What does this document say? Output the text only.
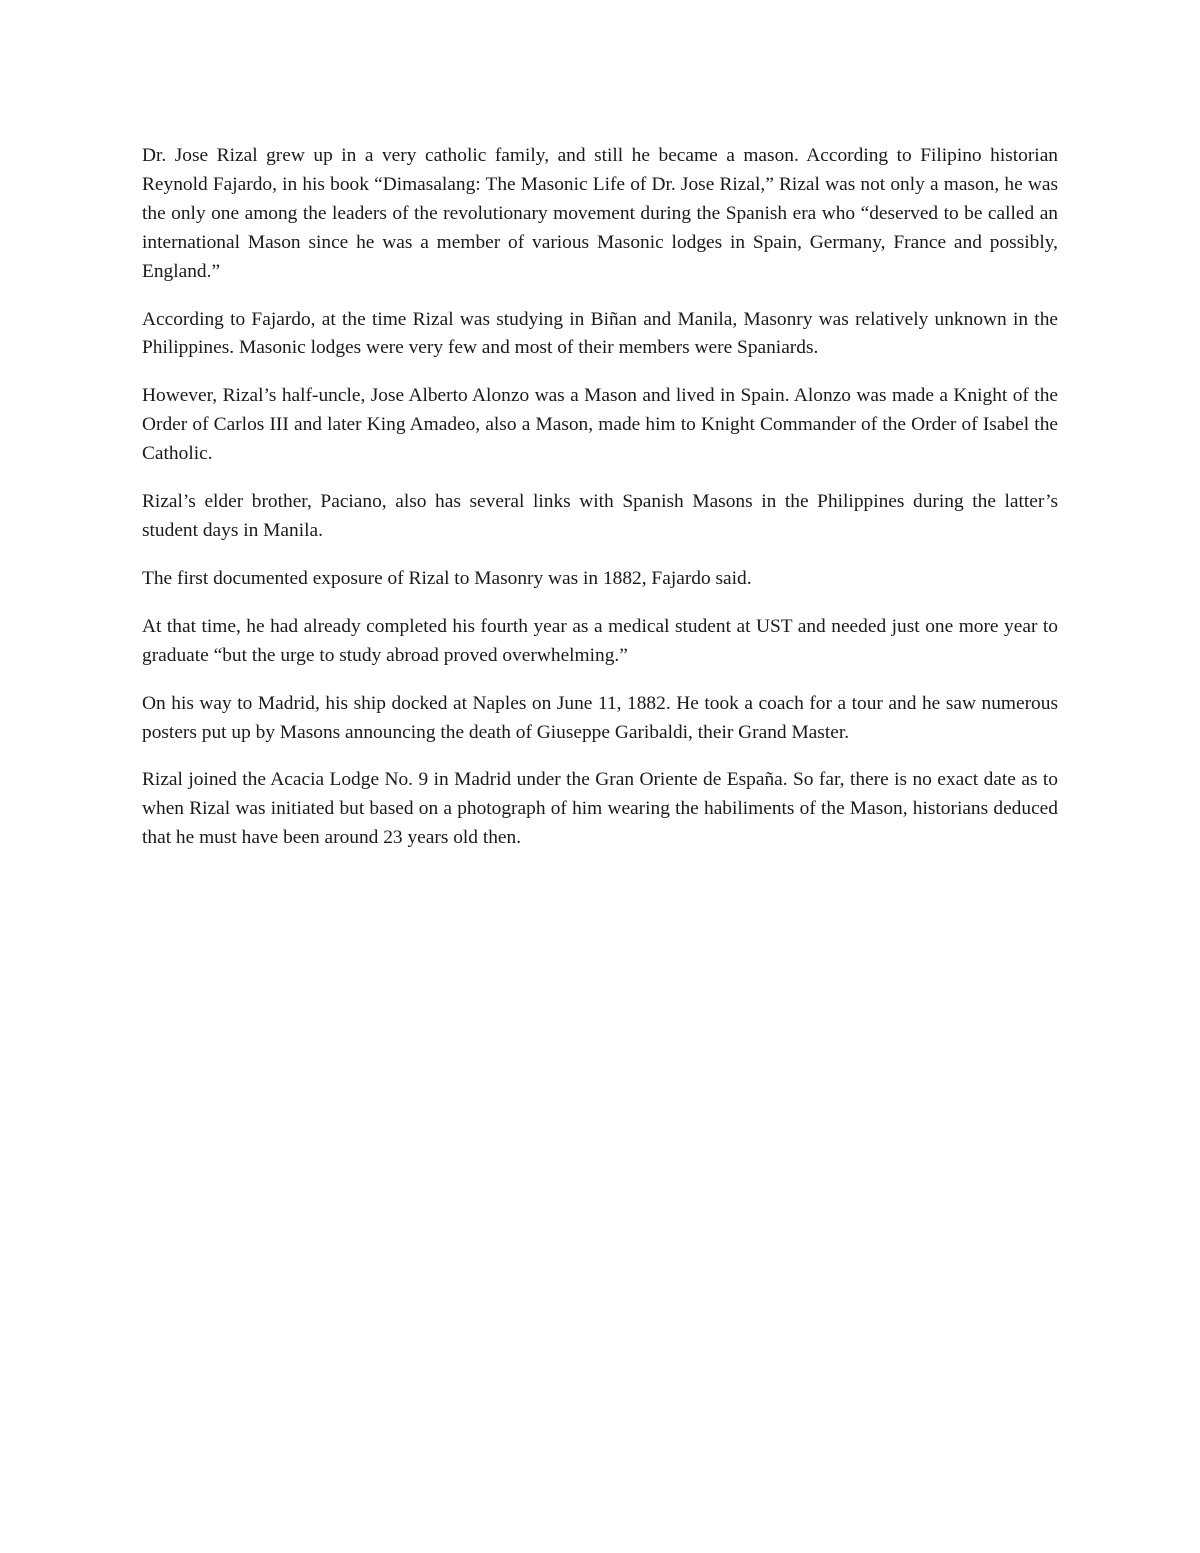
Dr. Jose Rizal grew up in a very catholic family, and still he became a mason. According to Filipino historian Reynold Fajardo, in his book “Dimasalang: The Masonic Life of Dr. Jose Rizal,” Rizal was not only a mason, he was the only one among the leaders of the revolutionary movement during the Spanish era who “deserved to be called an international Mason since he was a member of various Masonic lodges in Spain, Germany, France and possibly, England.”

According to Fajardo, at the time Rizal was studying in Biñan and Manila, Masonry was relatively unknown in the Philippines. Masonic lodges were very few and most of their members were Spaniards.

However, Rizal’s half-uncle, Jose Alberto Alonzo was a Mason and lived in Spain. Alonzo was made a Knight of the Order of Carlos III and later King Amadeo, also a Mason, made him to Knight Commander of the Order of Isabel the Catholic.

Rizal’s elder brother, Paciano, also has several links with Spanish Masons in the Philippines during the latter’s student days in Manila.

The first documented exposure of Rizal to Masonry was in 1882, Fajardo said.

At that time, he had already completed his fourth year as a medical student at UST and needed just one more year to graduate “but the urge to study abroad proved overwhelming.”

On his way to Madrid, his ship docked at Naples on June 11, 1882. He took a coach for a tour and he saw numerous posters put up by Masons announcing the death of Giuseppe Garibaldi, their Grand Master.

Rizal joined the Acacia Lodge No. 9 in Madrid under the Gran Oriente de España. So far, there is no exact date as to when Rizal was initiated but based on a photograph of him wearing the habiliments of the Mason, historians deduced that he must have been around 23 years old then.
